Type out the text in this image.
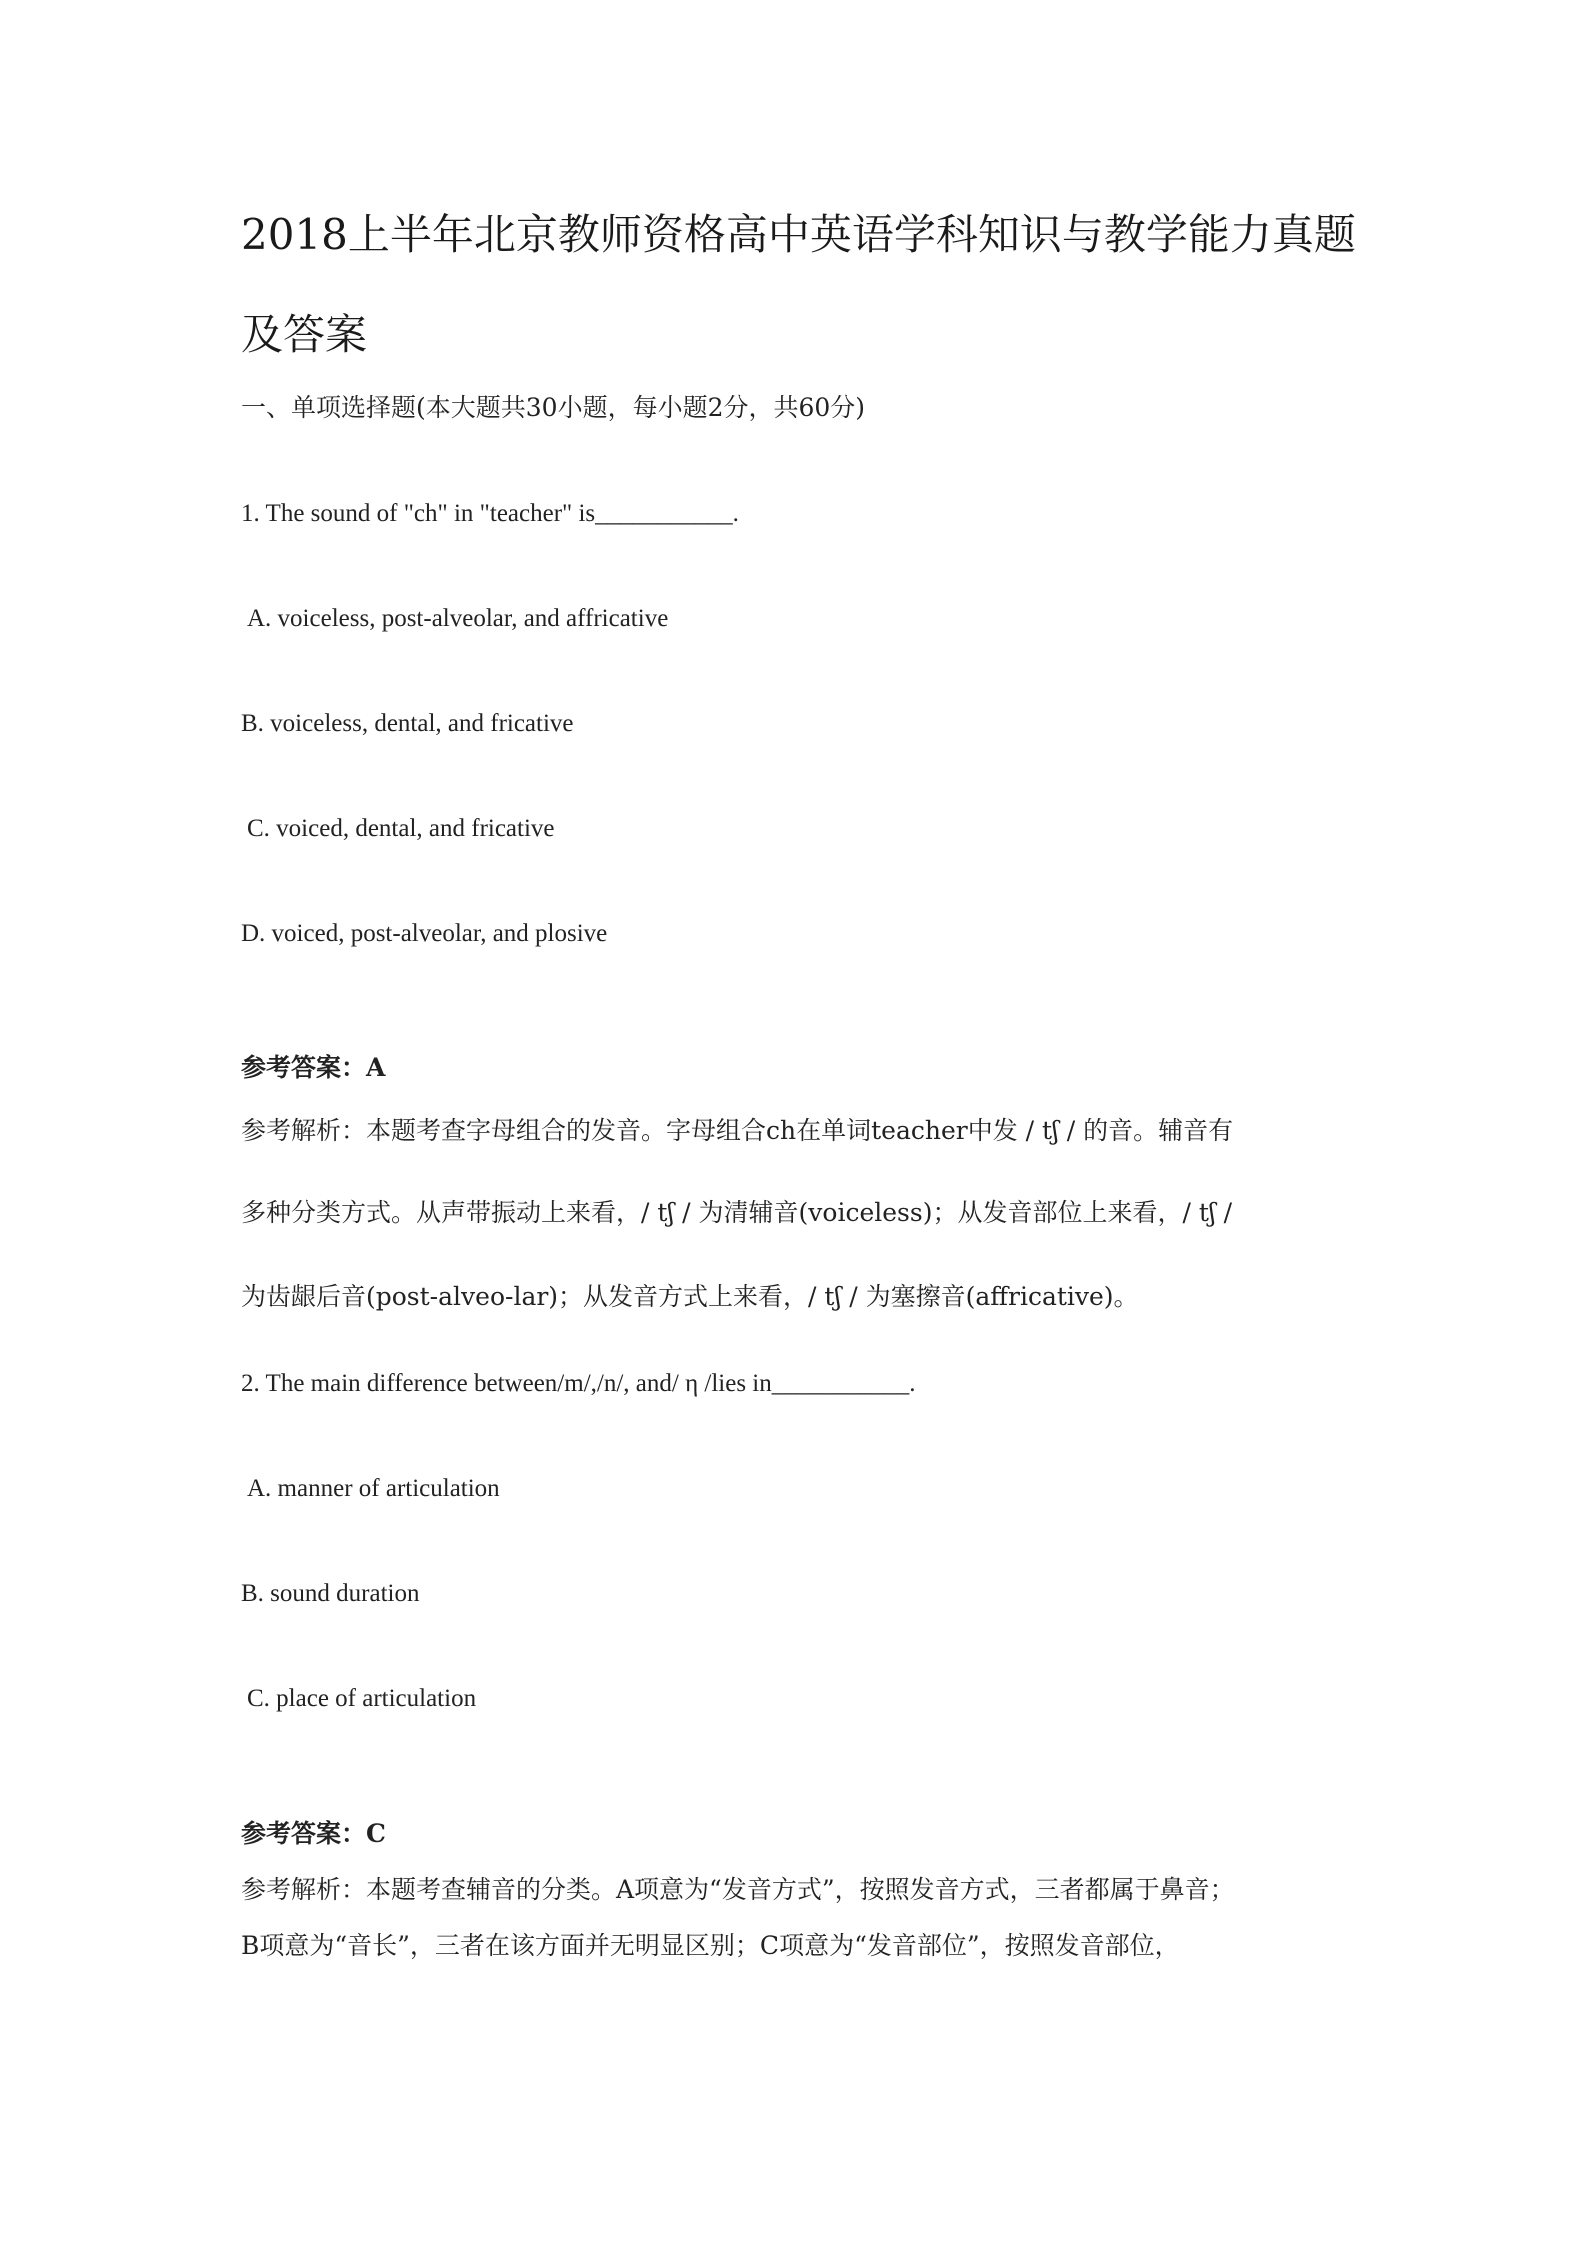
2018上半年北京教师资格高中英语学科知识与教学能力真题及答案
一、单项选择题(本大题共30小题，每小题2分，共60分)
1. The sound of "ch" in "teacher" is___________.
A. voiceless, post-alveolar, and affricative
B. voiceless, dental, and fricative
C. voiced, dental, and fricative
D. voiced, post-alveolar, and plosive
参考答案：A
参考解析：本题考查字母组合的发音。字母组合ch在单词teacher中发 / tʃ / 的音。辅音有
多种分类方式。从声带振动上来看，/ tʃ / 为清辅音(voiceless)；从发音部位上来看，/ tʃ /
为齿龈后音(post-alveo-lar)；从发音方式上来看，/ tʃ / 为塞擦音(affricative)。
2. The main difference between/m/,/n/, and/ η /lies in___________.
A. manner of articulation
B. sound duration
C. place of articulation
参考答案：C
参考解析：本题考查辅音的分类。A项意为“发音方式”，按照发音方式，三者都属于鼻音；
B项意为“音长”，三者在该方面并无明显区别；C项意为“发音部位”，按照发音部位，
